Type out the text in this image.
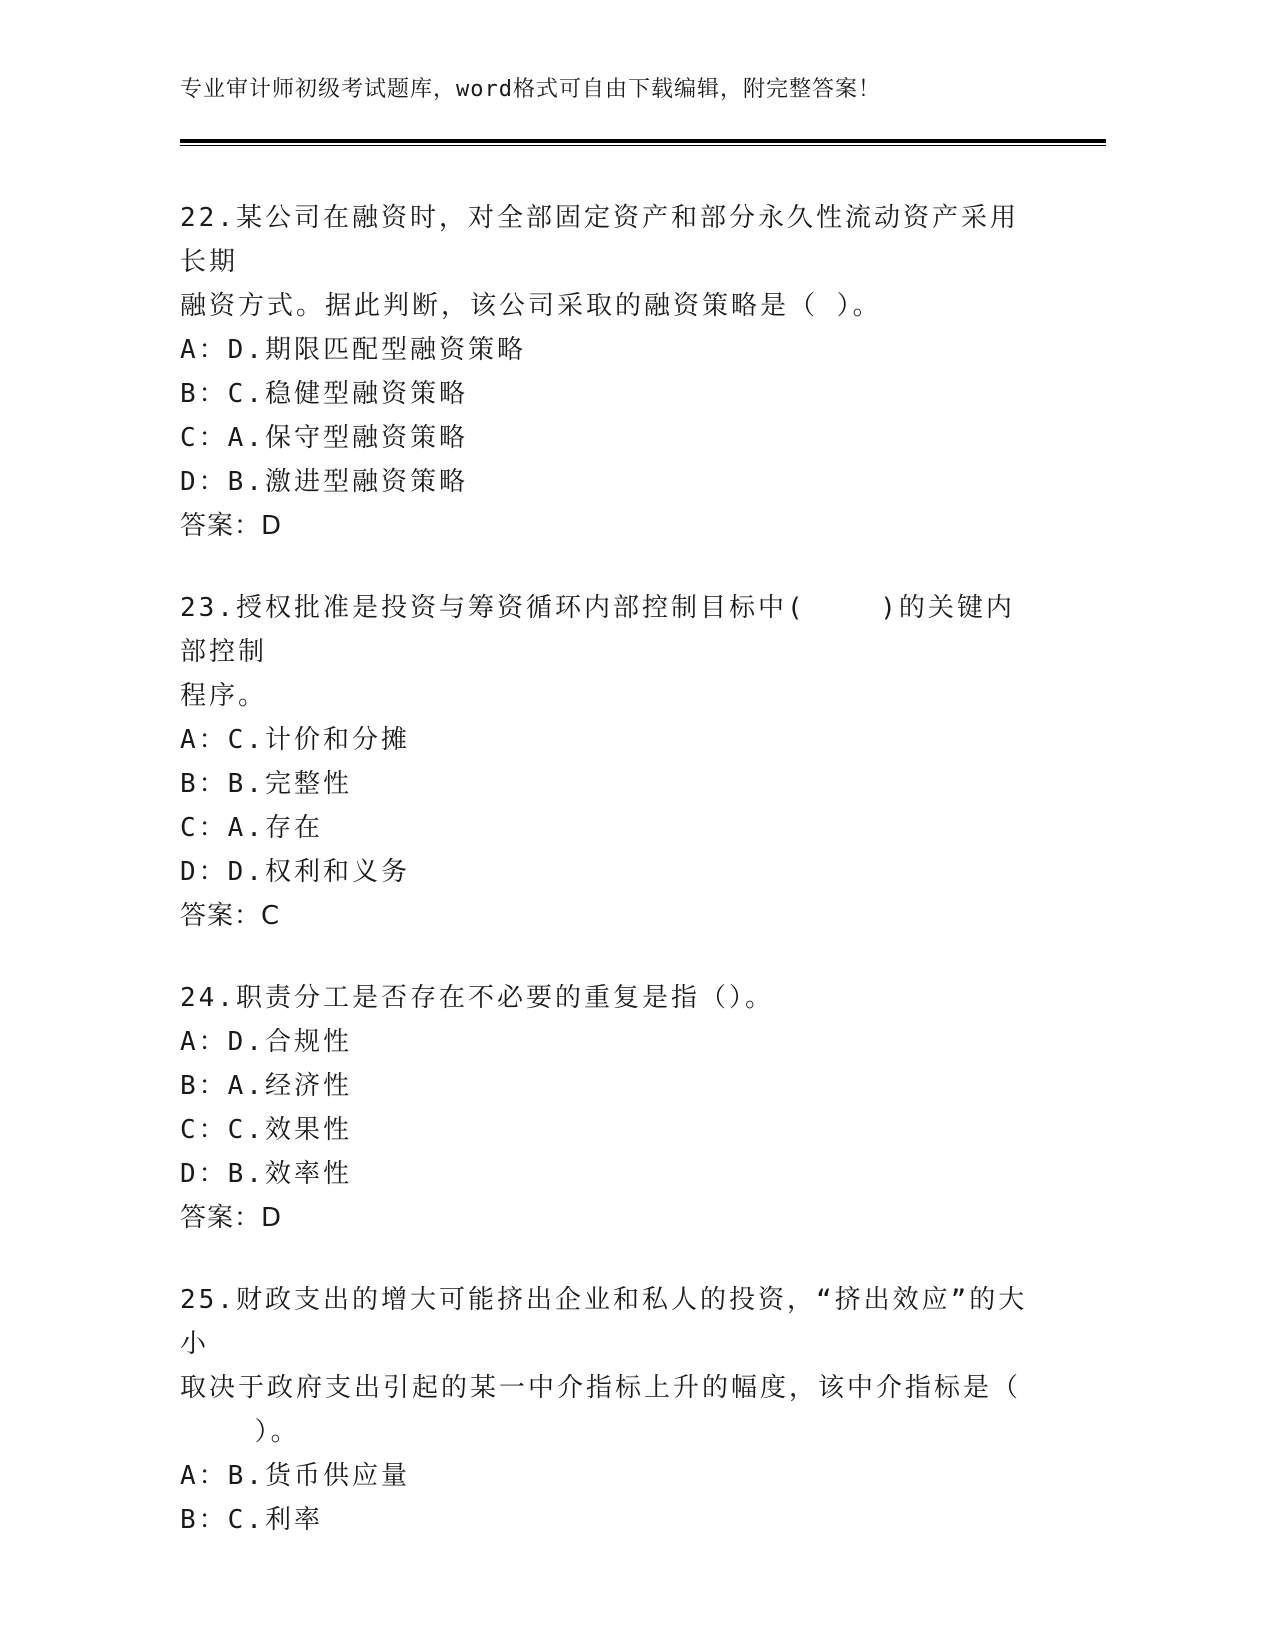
专业审计师初级考试题库，word格式可自由下载编辑，附完整答案！

22.某公司在融资时，对全部固定资产和部分永久性流动资产采用长期

融资方式。据此判断，该公司采取的融资策略是（ ）。

A：D.期限匹配型融资策略

B：C.稳健型融资策略

C：A.保守型融资策略

D：B.激进型融资策略

答案：D

23.授权批准是投资与筹资循环内部控制目标中(    )的关键内部控制

程序。

A：C.计价和分摊

B：B.完整性

C：A.存在

D：D.权利和义务

答案：C

24.职责分工是否存在不必要的重复是指（）。

A：D.合规性

B：A.经济性

C：C.效果性

D：B.效率性

答案：D

25.财政支出的增大可能挤出企业和私人的投资，“挤出效应”的大小

取决于政府支出引起的某一中介指标上升的幅度，该中介指标是（

）。

A：B.货币供应量

B：C.利率
